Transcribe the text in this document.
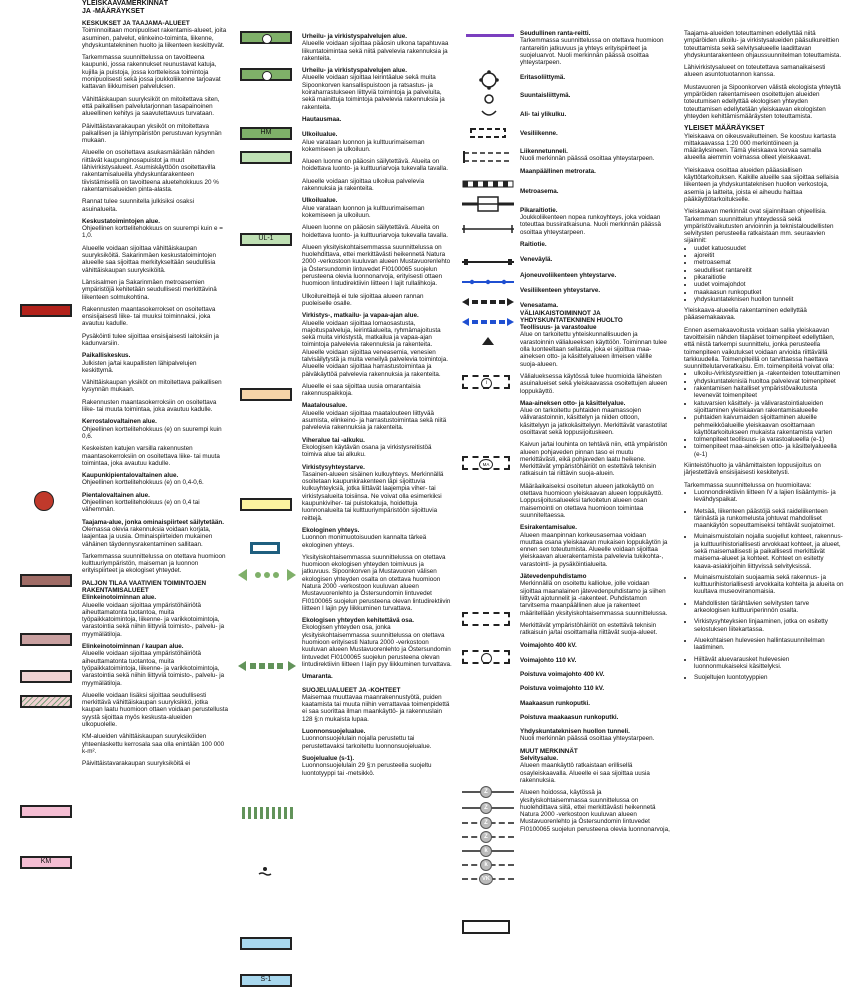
YLEISKAAVAMERKINNÄT

JA -MÄÄRÄYKSET

KESKUKSET JA TAAJAMA-ALUEET

Toiminnoiltaan monipuoliset rakentamis-alueet, joita asuminen, palvelut, elinkeino-toiminta, liikenne, yhdyskuntatekninen huolto ja liikenteen keskittyvät.

Tarkemmassa suunnittelussa on tavoitteena kaupunki, jossa rakennukset reunustavat katuja, kujilla ja puistoja, jossa kortteleissa toimintoja monipuolisesti sekä jossa joukkoliikenne tarjoavat kattavan liikkumisen palveluksen.

Vähittäiskaupan suuryksiköt on mitoitettava siten, että paikallisen palvelutarjonnan tasapainoinen alueellinen kehitys ja saavutettavuus turvataan.

Päivittäistavarakaupan yksiköt on mitoitettava paikallisen ja lähiympäristön perustuvan kysynnän mukaan.

Alueelle on osoitettava asukasmäärään nähden riittävät kaupunginosapuistot ja muut lähivirkistysalueet. Asumiskäyttöön osoitettavilla rakentamisalueilla yhdyskuntarakenteen tiivistämisellä on tavoitteena aluetehokkuus 20 % rakentamisalueiden pinta-alasta.

Rannat tulee suunnitella julkisiksi osaksi asuinalueita.

Keskustatoimintojen alue.

Ohjeellinen korttelitehokkuus on suurempi kuin e = 1,0.

Alueelle voidaan sijoittaa vähittäiskaupan suuryksiköitä. Sakarinmäen keskustatoimintojen alueelle saa sijoittaa merkitykseltään seudullisia vähittäiskaupan suuryksiköitä.

Länsisalmen ja Sakarinmäen metroasemien ympäristöjä kehitetään seudullisesti merkittävinä liikenteen solmukohtina.

Rakennusten maantasokerrokset on osoitettava ensisijaisesti liike- tai muuksi toiminnaksi, joka avautuu kadulle.

Pysäköinti tulee sijoittaa ensisijaisesti laitoksiin ja kadunvarsiin.

Paikalliskeskus.

Julkisten ja/tai kaupallisten lähipalvelujen keskittymä.

Vähittäiskaupan yksiköt on mitoitettava paikallisen kysynnän mukaan.

Rakennusten maantasokerroksiin on osoitettava liike- tai muuta toimintaa, joka avautuu kadulle.

Kerrostalovaltainen alue.

Ohjeellinen korttelitehokkuus (e) on suurempi kuin 0,6.

Keskeisten katujen varsilla rakennusten maantasokerroksiin on osoitettava liike- tai muuta toimintaa, joka avautuu kadulle.

Kaupunkipientalovaltainen alue.

Ohjeellinen korttelitehokkuus (e) on 0,4-0,6.

Pientalovaltainen alue.

Ohjeellinen korttelitehokkuus (e) on 0,4 tai vähemmän.

Taajama-alue, jonka ominaispiirteet säilytetään.

Olemassa olevia rakennuksia voidaan korjata, laajentaa ja uusia. Ominaispiirteiden mukainen vähäinen täydennysrakentaminen sallitaan.

Tarkemmassa suunnittelussa on otettava huomioon kulttuuriympäristön, maiseman ja luonnon erityispiirteet ja ekologiset yhteydet.

PALJON TILAA VAATIVIEN TOIMINTOJEN

RAKENTAMISALUEET

Elinkeinotoiminnan alue.

Alueelle voidaan sijoittaa ympäristöhäiriötä aiheuttamatonta tuotantoa, muita työpaikkatoimintoja, liikenne- ja varikkotoimintoja, varastointia sekä niihin liittyviä toimisto-, palvelu- ja myymälätiloja.

Elinkeinotoiminnan / kaupan alue.

Alueelle voidaan sijoittaa ympäristöhäiriötä aiheuttamatonta tuotantoa, muita työpaikkatoimintoja, liikenne- ja varikkotoimintoja, varastointia sekä niihin liittyviä toimisto-, palvelu- ja myymälätiloja.

Alueelle voidaan lisäksi sijoittaa seudullisesti merkittävä vähittäiskaupan suuryksikkö, jotka kaupan laatu huomioon ottaen voidaan perustellusta syystä sijoittaa myös keskusta-alueiden ulkopuolelle.

KM-alueiden vähittäiskaupan suuryksiköiden yhteenlaskettu kerrosala saa olla enintään 100 000 k-m².

Päivittäistavarakaupan suuryksiköitä ei

KM

Urheilu- ja virkistyspalvelujen alue.

Alueelle voidaan sijoittaa pääosin ulkona tapahtuvaa liikuntatoimintaa sekä niitä palvelevia rakennuksia ja rakenteita.

Urheilu- ja virkistyspalvelujen alue.

Alueelle voidaan sijoittaa leirintäalue sekä muita Sipoonkorven kansallispuistoon ja ratsastus- ja koiraharrastukseen liittyviä toimintoja ja palveluita, sekä mainittuja toimintoja palvelevia rakennuksia ja rakenteita.

Hautausmaa.

Ulkoilualue.

Alue varataan luonnon ja kulttuurimaiseman kokemiseen ja ulkoiluun.

Alueen luonne on pääosin säilytettävä. Alueita on hoidettava luonto- ja kulttuuriarvoja tukevalla tavalla.

Alueelle voidaan sijoittaa ulkoilua palvelevia rakennuksia ja rakenteita.

Ulkoilualue.

Alue varataan luonnon ja kulttuurimaiseman kokemiseen ja ulkoiluun.

Alueen luonne on pääosin säilytettävä. Alueita on hoidettava luonto- ja kulttuuriarvoja tukevalla tavalla.

Alueen yksityiskohtaisemmassa suunnittelussa on huolehdittava, ettei merkittävästi heikennetä Natura 2000 -verkostoon kuuluvan alueen Mustavuorenlehto ja Östersundomin lintuvedet FI0100065 suojelun perusteena olevia luonnonarvoja, erityisesti ottaen huomioon lintudirektiivin liitteen I lajit rullalihkoja.

Ulkoilureittejä ei tule sijoittaa alueen rannan puoleiselle osalle.

Virkistys-, matkailu- ja vapaa-ajan alue.

Alueelle voidaan sijoittaa lomaosastusta, majoituspalveluja, leirintäalueita, ryhmämajoitusta sekä muita virkistystä, matkailua ja vapaa-ajan toimintoja palvelevia rakennuksia ja rakenteita. Alueelle voidaan sijoittaa veneasemia, venesien talvisäilytystä ja muita veneilyä palvelevia toimintoja. Alueelle voidaan sijoittaa harrastustoimintaa ja päiväkäyttöä palvelevia rakennuksia ja rakenteita.

Alueelle ei saa sijoittaa uusia omarantaisia rakennuspaikkoja.

Maatalousalue.

Alueelle voidaan sijoittaa maatalouteen liittyvää asumista, elinkeino- ja harrastustoimintaa sekä niitä palvelevia rakennuksia ja rakenteita.

Viheralue tai -alkuku.

Ekologisen käytävän osana ja virkistysreitistöä toimiva alue tai alkuku.

Virkistysyhteystarve.

Tasainen-alueen sisäinen kulkuyhteys. Merkinnällä osoitetaan kaupunkirakenteen läpi sijoittuvia kulkuyhteyksiä, jotka liittävät laajempia viher- tai virkistysalueita toisiinsa. Ne voivat olla esimerkiksi kaupunkiviher- tai puistokatuja, hoidettuja luonnonalueita tai kulttuuriympäristöön sijoittuvia reittejä.

Ekologinen yhteys.

Luonnon monimuotoisuuden kannalta tärkeä ekologinen yhteys.

Yksityiskohtaisemmassa suunnittelussa on otettava huomioon ekologisen yhteyden toimivuus ja jatkuvuus. Sipoonkorven ja Mustavuoren välisen ekologisen yhteyden osalta on otettava huomioon Natura 2000 -verkostoon kuuluvan alueen Mustavuorenlehto ja Östersundomin lintuvedet FI0100065 suojelun perusteena olevan lintudirektiivin liitteen I lajin pyy liikkuminen turvattava.

Ekologisen yhteyden kehitettävä osa.

Ekologisen yhteyden osa, jonka yksityiskohtaisemmassa suunnittelussa on otettava huomioon erityisesti Natura 2000 -verkostoon kuuluvan alueen Mustavuorenlehto ja Östersundomin lintuvedet FI0100065 suojelun perusteena olevan lintudirektiivin liitteen I lajin pyy liikkuminen turvattava.

Umaranta.

SUOJELUALUEET JA -KOHTEET

Maisemaa muuttavaa maanrakennustyötä, puiden kaatamista tai muuta niihin verrattavaa toimenpidettä ei saa suorittaa ilman maankäyttö- ja rakennuslain 128 §:n mukaista lupaa.

Luonnonsuojelualue.

Luonnonsuojelulain nojalla perustettu tai perustettavaksi tarkoitettu luonnonsuojelualue.

Suojelualue (s-1).

Luonnonsuojelulain 29 §:n perusteella suojeltu luontotyyppi tai -metsikkö.

HM
UL-1
S-1

Seudullinen ranta-reitti.

Tarkemmassa suunnittelussa on otettava huomioon rantareitin jatkuvuus ja yhteys erityispiirteet ja suojeluarvot. Nuoli merkinnän päässä osoittaa yhteystarpeen.

Eritasoliittymä.

Suuntaisliittymä.

Ali- tai ylikulku.

Vesiliikenne.

Liikennetunneli.

Nuoli merkinnän päässä osoittaa yhteystarpeen.

Maanpäällinen metrorata.

Metroasema.

Pikaraitiotie.

Joukkoliikenteen nopea runkoyhteys, joka voidaan toteuttaa bussiratkaisuna. Nuoli merkinnän päässä osoittaa yhteystarpeen.

Raitiotie.

Veneväylä.

Ajoneuvoliikenteen yhteystarve.

Vesiliikenteen yhteystarve.

Venesatama.

VÄLIAIKAISTOIMINNOT JA

YHDYSKUNTATEKNINEN HUOLTO

Teollisuus- ja varastoalue

Alue on tarkoitettu yhteiskunnallisuuden ja varastoinnin välialueeksen käyttöön. Toiminnan tulee olla luonteeltaan sellaista, joka ei sijoittua maa-aineksen otto- ja käsittelyalueen ilmeisen välille suoja-alueen.

Välialueksessa käytössä tulee huomioida läheisten asuinalueiset sekä yleiskaavassa osoitettujen alueen loppukäyttö.

Maa-aineksen otto- ja käsittelyalue.

Alue on tarkoitettu puhtaiden maamassojen välivarastoinnin, käsittelyn ja niiden ottoon, käsittelyyn ja jatkokäsittelyyn. Merkittävät varastotilat osoittavat sekä loppusijoituskeen.

Kaivun ja/tai louhinta on tehtävä niin, että ympäristön alueen pohjaveden pinnan taso ei muutu merkittävästi, eikä pohjaveden laatu heikene. Merkittävät ympäristöhäiriöt on estettävä teknisin ratkaisuin tai riittävin suoja-aluein.

Määräaikaiseksi osoitetun alueen jatkokäyttö on otettava huomioon yleiskaavan alueen loppukäyttö. Loppusijoitusalueeksi tarkoitetun alueen osan maisemointi on otettava huomioon toimintaa suunniteltaessa.

Esirakentamisalue.

Alueen maanpinnan korkeusasemaa voidaan muuttaa osana yleiskaavan mukaisen loppukäytön ja ennen sen toteutumista. Alueelle voidaan sijoittaa yleiskaavan aluerakentamista palvelevia tukikohta-, varastointi- ja pysäköintialueita.

Jätevedenpuhdistamo

Merkinnällä on osoitettu kalliolue, jolle voidaan sijoittaa maanalainen jätevedenpuhdistamo ja siihen liittyvät ajotunnelit ja -rakenteet. Puhdistamon tarvitsema maanpäällinen alue ja rakenteet määritellään yksityiskohtaisemmassa suunnittelussa.

Merkittävät ympäristöhäiriöt on estettävä teknisin ratkaisuin ja/tai osoittamalla riittävät suoja-alueet.

Voimajohto 400 kV.

Voimajohto 110 kV.

Poistuva voimajohto 400 kV.

Poistuva voimajohto 110 kV.

Maakaasun runkoputki.

Poistuva maakaasun runkoputki.

Yhdyskuntateknisen huollon tunneli.

Nuoli merkinnän päässä osoittaa yhteystarpeen.

MUUT MERKINNÄT

Selvitysalue.

Alueen maankäyttö ratkaistaan erillisellä osayleiskaavalla. Alueelle ei saa sijoittaa uusia rakennuksia.

Alueen hoidossa, käytössä ja yksityiskohtaisemmassa suunnittelussa on huolehdittava siitä, ettei merkittävästi heikennetä Natura 2000 -verkostoon kuuluvan alueen Mustavuorenlehto ja Östersundomin lintuvedet FI0100065 suojelun perusteena olevia luonnonarvoja,

i
MA
Z
Z
Z
Z
k
k
VK

Taajama-alueiden toteuttaminen edellyttää niitä ympäröiden ulkoilu- ja virkistysalueiden pääsulkureittien toteuttamista sekä selvitysalueelle laadittavan yhdyskuntarakenteen ohjaussuunnitelman toteuttamista.

Lähivirkistysalueet on toteutettava samanaikaisesti alueen asuntotuotannon kanssa.

Mustavuoren ja Sipoonkorven välistä ekologista yhteyttä ympäröiden rakentamiseen osoitettujen alueiden toteutumisen edellyttää ekologisen yhteyden toteuttamisen edellytetään yleiskaavan ekologisten yhteyden kehittämismääräysten toteuttamista.

YLEISET MÄÄRÄYKSET

Yleiskaava on oikeusvaikutteinen. Se koostuu kartasta mittakaavassa 1:20 000 merkintöineen ja määräyksineen. Tämä yleiskaava korvaa samalla alueella aiemmin voimassa olleet yleiskaavat.

Yleiskaava osoittaa alueiden pääasiallisen käyttötarkoituksen. Kaikille alueille saa sijoittaa sellaisia liikenteen ja yhdyskuntateknisen huollon verkostoja, asemia ja laitteita, joista ei aiheudu haittaa pääkäyttötarkoitukselle.

Yleiskaavan merkinnät ovat sijainniltaan ohjeellisia. Tarkemman suunnittelun yhteydessä sekä ympäristövaikutusten arvioinnin ja teknistaloudellisten selvitysten perusteella ratkaistaan mm. seuraavien sijainnit:

• uudet katuosuudet
• ajoreitit
• metroasemat
• seudulliset rantareitit
• pikaraitiotie
• uudet voimajohdot
• maakaasun runkoputket
• yhdyskuntateknisen huollon tunnelit

Yleiskaava-alueella rakentaminen edellyttää pääasemakaavaa.

Ennen asemakaavoitusta voidaan sallia yleiskaavan tavoitteisiin nähden tilapäiset toimenpiteet edellyttäen, että niistä tarkempi suunnittelu, jonka perusteella toimenpiteen vaikutukset voidaan arvioida riittävällä tarkkuudella. Toimenpiteillä on tarvittaessa haettava suunnittelutarveratkaisu. Em. toimenpiteitä voivat olla:

• ulkoilu-/virkistysreittien ja -rakenteiden toteuttaminen
• yhdyskuntateknisiä huoltoa palvelevat toimenpiteet
• rakentamisen haitalliset ympäristövaikutusta levenevät toimenpiteet
• katuvarsien käsittely- ja välivarastointialueiden sijoittaminen yleiskaavan rakentamisalueelle
• puhtaiden kaivumaiden sijoittaminen alueille pehmeikköalueille yleiskaavan osoittamaan käyttötarkoitukseen mukaista rakentamista varten
• tolmenpiteet teollisuus- ja varastoalueella (e-1)
• toimenpiteet maa-aineksen otto- ja käsittelyalueella (e-1)

Kiinteistöhuolto ja vähämittaisten loppusijoitus on järjestettävä ensisijaisesti keskitetysti.

Tarkemmassa suunnittelussa on huomioitava:

• Luonnondirektiivin liitteen IV a lajien lisääntymis- ja levähdyspaikat.
• Metsää, liikenteen päästöjä sekä raideliikenteen tärinästä ja runkomelusta johtuvat mahdolliset maankäytön sopeuttamiseksi tehtävät suojatoimet.
• Muinaismuistolain nojalla suojellut kohteet, rakennus- ja kulttuurihistoriallisesti arvokkaat kohteet, ja alueet, sekä maisemallisesti ja paikallisesti merkittävät maisema-alueet ja kohteet. Kohteet on esitetty kaava-asiakirjoihin liittyvissä selvityksissä.
• Muinaismuistolain suojaamia sekä rakennus- ja kulttuurihistoriallisesti arvokkaita kohteita ja alueita on kuultava museoviranomaisia.
• Mahdollisten tärähtävien selvitysten tarve arkeologisen kulttuuriperinnön osalta.
• Virkistysyhteyksien linjaaminen, jotka on esitetty selostuksen liitekartassa.
• Aluekohtaisen hulevesien hallintasuunnitelman laatiminen.
• Hiiltävät aluevarausket hulevesien luonnonmukaiseksi käsittelyksi.
• Suojeltujen luontotyyppien
